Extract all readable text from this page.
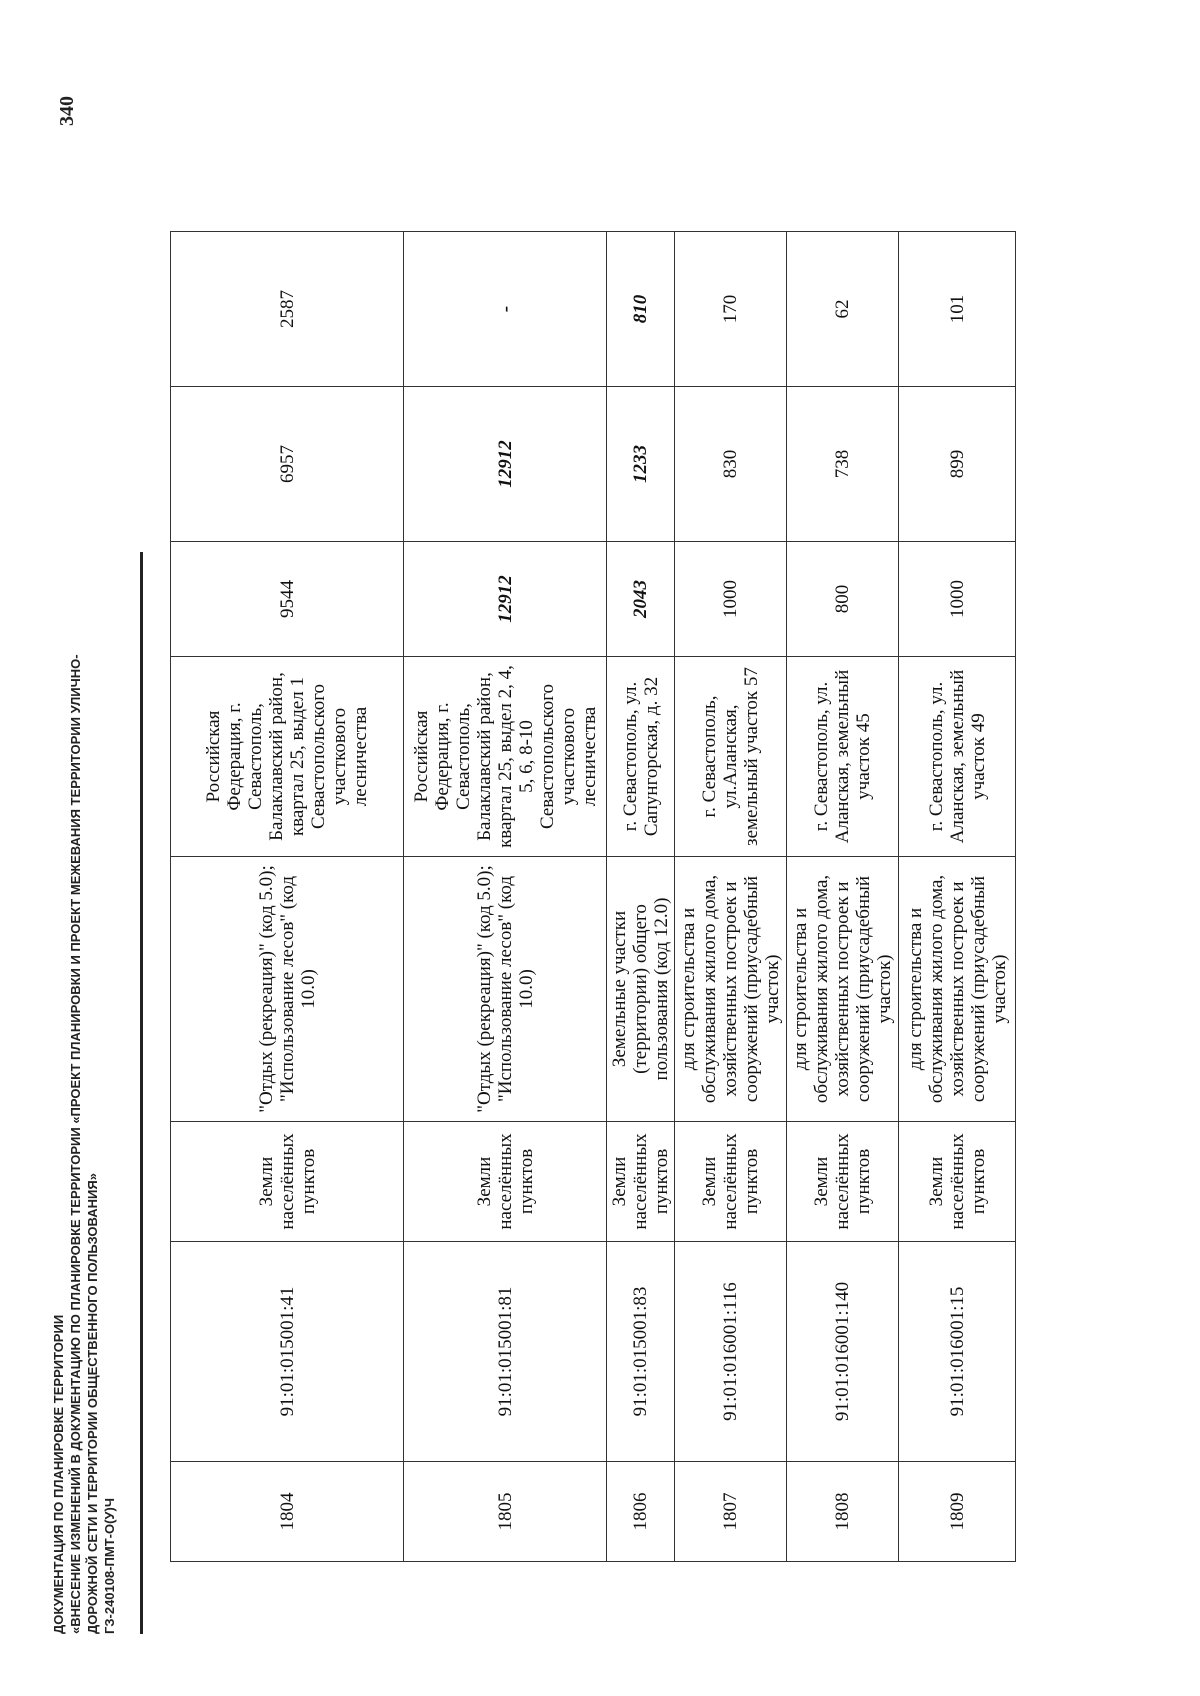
ДОКУМЕНТАЦИЯ ПО ПЛАНИРОВКЕ ТЕРРИТОРИИ «ВНЕСЕНИЕ ИЗМЕНЕНИЙ В ДОКУМЕНТАЦИЮ ПО ПЛАНИРОВКЕ ТЕРРИТОРИИ «ПРОЕКТ ПЛАНИРОВКИ И ПРОЕКТ МЕЖЕВАНИЯ ТЕРРИТОРИИ УЛИЧНО- ДОРОЖНОЙ СЕТИ И ТЕРРИТОРИИ ОБЩЕСТВЕННОГО ПОЛЬЗОВАНИЯ» ГЗ-240108-ПМТ-О(У)Ч
340
1804	91:01:015001:41	Земли населённых пунктов	"Отдых (рекреация)" (код 5.0); "Использование лесов" (код 10.0)	Российская Федерация, г. Севастополь, Балаклавский район, квартал 25, выдел 1 Севастопольского участкового лесничества	9544	6957	2587
1805	91:01:015001:81	Земли населённых пунктов	"Отдых (рекреация)" (код 5.0); "Использование лесов" (код 10.0)	Российская Федерация, г. Севастополь, Балаклавский район, квартал 25, выдел 2, 4, 5, 6, 8-10 Севастопольского участкового лесничества	12912	12912	-
1806	91:01:015001:83	Земли населённых пунктов	Земельные участки (территории) общего пользования (код 12.0)	г. Севастополь, ул. Сапунгорская, д. 32	2043	1233	810
1807	91:01:016001:116	Земли населённых пунктов	для строительства и обслуживания жилого дома, хозяйственных построек и сооружений (приусадебный участок)	г. Севастополь, ул.Аланская, земельный участок 57	1000	830	170
1808	91:01:016001:140	Земли населённых пунктов	для строительства и обслуживания жилого дома, хозяйственных построек и сооружений (приусадебный участок)	г. Севастополь, ул. Аланская, земельный участок 45	800	738	62
1809	91:01:016001:15	Земли населённых пунктов	для строительства и обслуживания жилого дома, хозяйственных построек и сооружений (приусадебный участок)	г. Севастополь, ул. Аланская, земельный участок 49	1000	899	101
